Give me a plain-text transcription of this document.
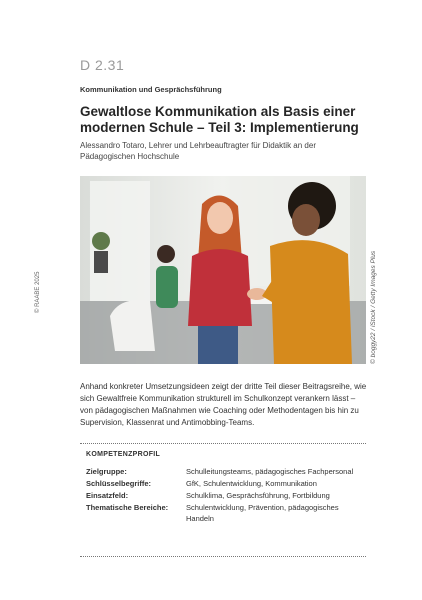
D 2.31
Kommunikation und Gesprächsführung
Gewaltlose Kommunikation als Basis einer modernen Schule – Teil 3: Implementierung
Alessandro Totaro, Lehrer und Lehrbeauftragter für Didaktik an der Pädagogischen Hochschule
© boggy22 / iStock / Getty Images Plus
© RAABE 2025
Anhand konkreter Umsetzungsideen zeigt der dritte Teil dieser Beitragsreihe, wie sich Gewaltfreie Kommunikation strukturell im Schulkonzept verankern lässt – von pädagogischen Maßnahmen wie Coaching oder Methodentagen bis hin zu Supervision, Klassenrat und Antimobbing-Teams.
KOMPETENZPROFIL
Zielgruppe:	Schulleitungsteams, pädagogisches Fachpersonal
Schlüsselbegriffe:	GfK, Schulentwicklung, Kommunikation
Einsatzfeld:	Schulklima, Gesprächsführung, Fortbildung
Thematische Bereiche:	Schulentwicklung, Prävention, pädagogisches Handeln
